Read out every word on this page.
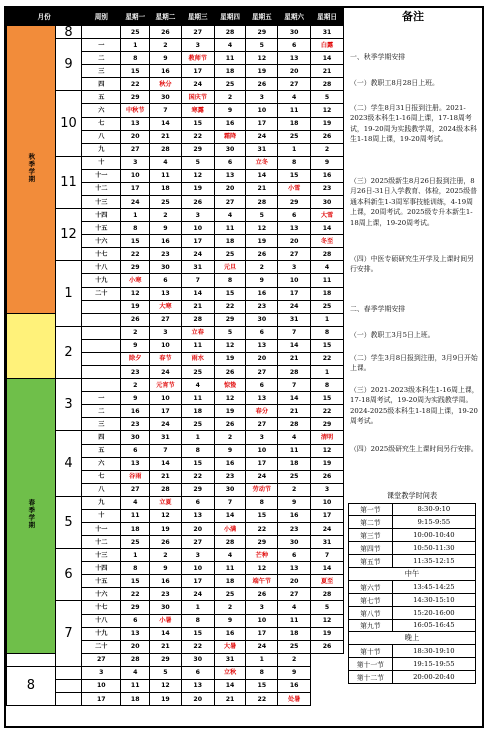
月份		周别	星期一	星期二	星期三	星期四	星期五	星期六	星期日
秋季学期	8		25	26	27	28	29	30	31
	9	一	1	2	3	4	5	6	白露
		二	8	9	教师节	11	12	13	14
		三	15	16	17	18	19	20	21
		四	22	秋分	24	25	26	27	28
	10	五	29	30	国庆节	2	3	4	5
		六	中秋节	7	寒露	9	10	11	12
		七	13	14	15	16	17	18	19
		八	20	21	22	霜降	24	25	26
		九	27	28	29	30	31	1	2
	11	十	3	4	5	6	立冬	8	9
		十一	10	11	12	13	14	15	16
		十二	17	18	19	20	21	小雪	23
		十三	24	25	26	27	28	29	30
	12	十四	1	2	3	4	5	6	大雪
		十五	8	9	10	11	12	13	14
		十六	15	16	17	18	19	20	冬至
		十七	22	23	24	25	26	27	28
	1	十八	29	30	31	元旦	2	3	4
		十九	小寒	6	7	8	9	10	11
		二十	12	13	14	15	16	17	18
			19	大寒	21	22	23	24	25
			26	27	28	29	30	31	1
	2		2	3	立春	5	6	7	8
			9	10	11	12	13	14	15
			除夕	春节	雨水	19	20	21	22
			23	24	25	26	27	28	1
春季学期	3		2	元宵节	4	惊蛰	6	7	8
		一	9	10	11	12	13	14	15
		二	16	17	18	19	春分	21	22
		三	23	24	25	26	27	28	29
	4	四	30	31	1	2	3	4	清明
		五	6	7	8	9	10	11	12
		六	13	14	15	16	17	18	19
		七	谷雨	21	22	23	24	25	26
		八	27	28	29	30	劳动节	2	3
	5	九	4	立夏	6	7	8	9	10
		十	11	12	13	14	15	16	17
		十一	18	19	20	小满	22	23	24
		十二	25	26	27	28	29	30	31
	6	十三	1	2	3	4	芒种	6	7
		十四	8	9	10	11	12	13	14
		十五	15	16	17	18	端午节	20	夏至
		十六	22	23	24	25	26	27	28
	7	十七	29	30	1	2	3	4	5
		十八	6	小暑	8	9	10	11	12
		十九	13	14	15	16	17	18	19
		二十	20	21	22	大暑	24	25	26
		27	28	29	30	31	1	2	
8		3	4	5	6	立秋	8	9	
		10	11	12	13	14	15	16	
		17	18	19	20	21	22	处暑	
备注
一、秋季学期安排
（一）教职工8月28日上班。
（二）学生8月31日报到注册。2021-2023级本科生1-16周上课，17-18周考试，19-20周为实践教学周，2024级本科生1-18周上课，19-20周考试。
（三）2025级新生8月26日报到注册，8月26日-31日入学教育、体检，2025级普通本科新生1-3周军事技能训练，4-19周上课，20周考试。2025级专升本新生1-18周上课，19-20周考试。
（四）中医专硕研究生开学及上课时间另行安排。
二、春季学期安排
（一）教职工3月5日上班。
（二）学生3月8日报到注册，3月9日开始上课。
（三）2021-2023级本科生1-16周上课，17-18周考试，19-20周为实践教学周。2024-2025级本科生1-18周上课，19-20周考试。
（四）2025级研究生上课时间另行安排。
课堂教学时间表	
第一节	8:30-9:10
第二节	9:15-9:55
第三节	10:00-10:40
第四节	10:50-11:30
第五节	11:35-12:15
中午	
第六节	13:45-14:25
第七节	14:30-15:10
第八节	15:20-16:00
第九节	16:05-16:45
晚上	
第十节	18:30-19:10
第十一节	19:15-19:55
第十二节	20:00-20:40
